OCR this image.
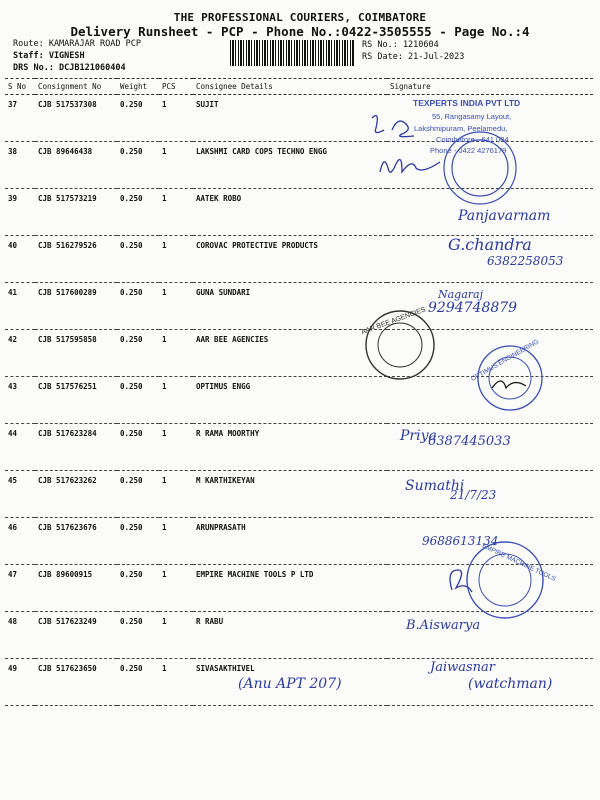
THE PROFESSIONAL COURIERS, COIMBATORE
Delivery Runsheet - PCP - Phone No.:0422-3505555 - Page No.:4
Route: KAMARAJAR ROAD PCP
Staff: VIGNESH
DRS No.: DCJB121060404
RS No.: 1210604
RS Date: 21-Jul-2023
S No	Consignment No	Weight	PCS	Consignee Details	Signature
37	CJB 517537308	0.250	1	SUJIT	
38	CJB 89646438	0.250	1	LAKSHMI CARD COPS TECHNO ENGG	
39	CJB 517573219	0.250	1	AATEK ROBO	
40	CJB 516279526	0.250	1	COROVAC PROTECTIVE PRODUCTS	
41	CJB 517600289	0.250	1	GUNA SUNDARI	
42	CJB 517595858	0.250	1	AAR BEE AGENCIES	
43	CJB 517576251	0.250	1	OPTIMUS ENGG	
44	CJB 517623284	0.250	1	R RAMA MOORTHY	
45	CJB 517623262	0.250	1	M KARTHIKEYAN	
46	CJB 517623676	0.250	1	ARUNPRASATH	
47	CJB 89600915	0.250	1	EMPIRE MACHINE TOOLS P LTD	
48	CJB 517623249	0.250	1	R RABU	
49	CJB 517623650	0.250	1	SIVASAKTHIVEL	
TEXPERTS INDIA PVT LTD
55, Rangasamy Layout,
Lakshmipuram, Peelamedu,
Coimbatore - 641 004
Phone - 0422 4276179
AAR BEE AGENCIES
OPTIMUS ENGINEERING
EMPIRE MACHINE TOOLS
Panjavarnam
G.chandra
6382258053
Nagaraj
9294748879
Priya
6387445033
Sumathi
21/7/23
9688613134
B.Aiswarya
(Anu APT 207)
Jaiwasnar
(watchman)
